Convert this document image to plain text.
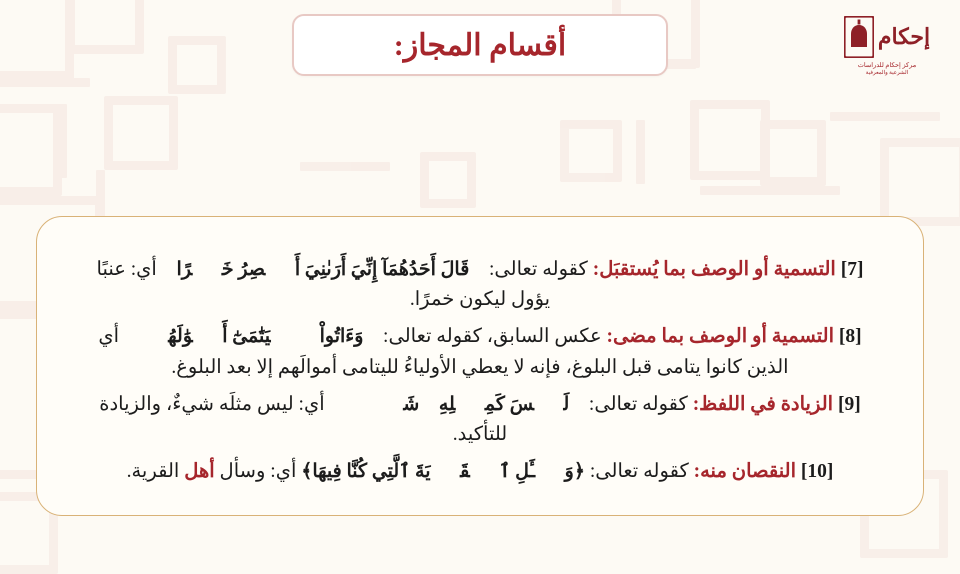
أقسام المجاز:	إحكام
مركز إحكام للدراسات
الشرعية والمعرفية
[7] التسمية أو الوصف بما يُستقبَل: كقوله تعالى: ﴿قَالَ أَحَدُهُمَآ إِنِّيَ أَرَىٰنِيَ أَعۡصِرُ خَمۡرًا﴾ أي: عنبًا يؤول ليكون خمرًا.
[8] التسمية أو الوصف بما مضى: عكس السابق، كقوله تعالى: ﴿وَءَاتُواْ ٱلۡيَتَٰمَىٰٓ أَمۡوَٰلَهُمۡ﴾ أي الذين كانوا يتامى قبل البلوغ، فإنه لا يعطي الأولياءُ لليتامى أموالَهم إلا بعد البلوغ.
[9] الزيادة في اللفظ: كقوله تعالى: ﴿لَيۡسَ كَمِثۡلِهِۦ شَيۡءٞ﴾ أي: ليس مثلَه شيءٌ، والزيادة للتأكيد.
[10] النقصان منه: كقوله تعالى: ﴿وَسۡـَٔلِ ٱلۡقَرۡيَةَ ٱلَّتِي كُنَّا فِيهَا﴾ أي: وسأل أهل القرية.
